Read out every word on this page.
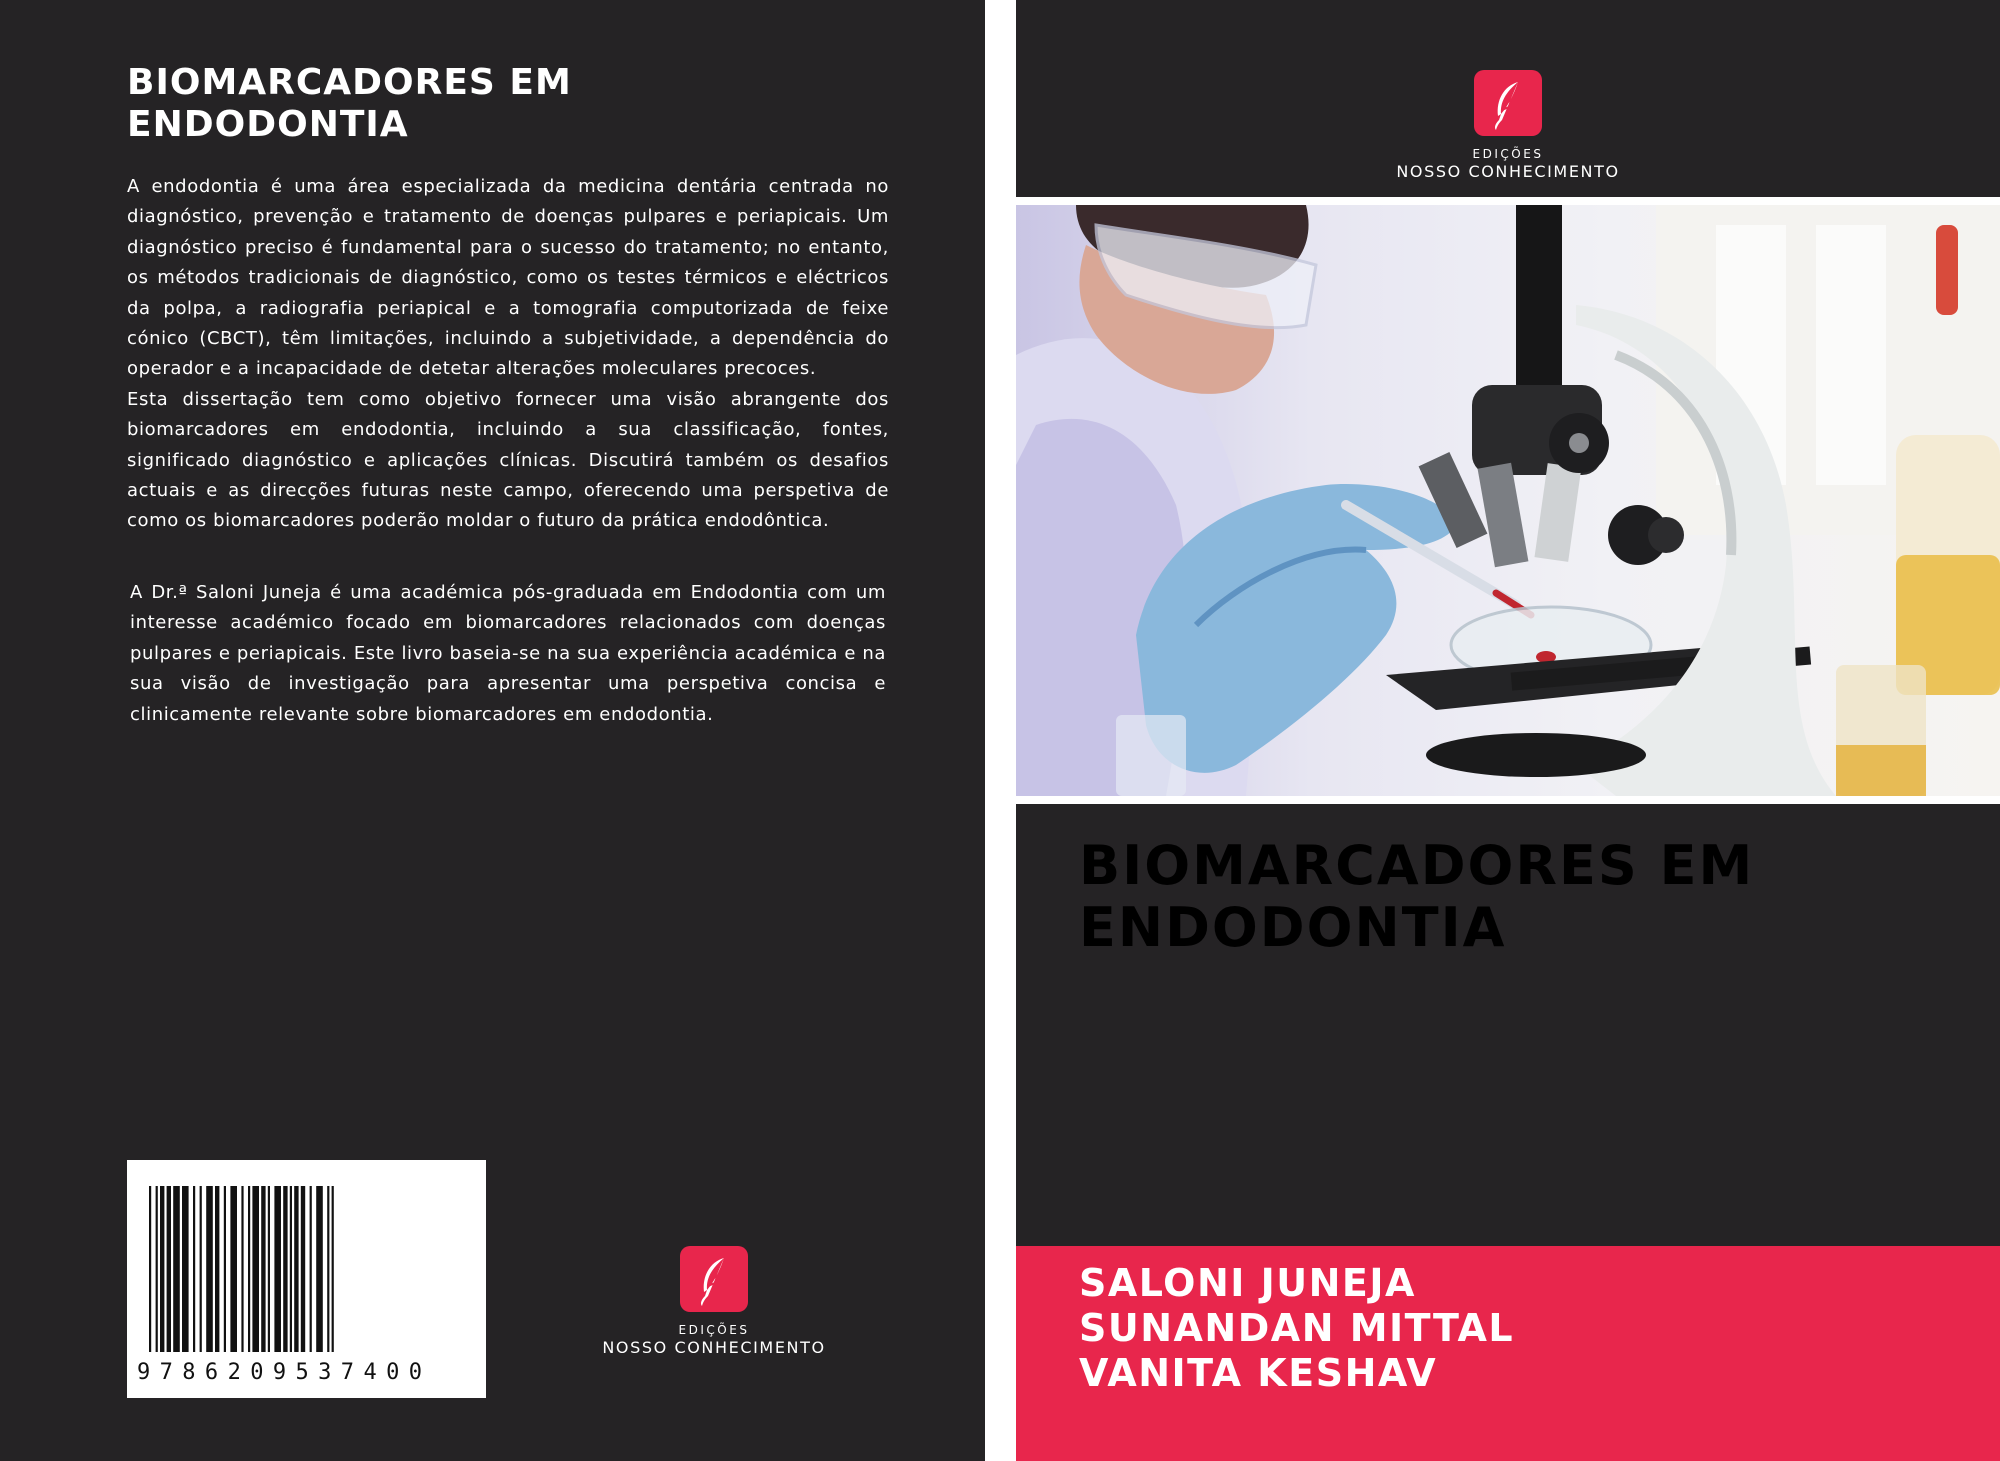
BIOMARCADORES EM ENDODONTIA

A endodontia é uma área especializada da medicina dentária centrada no diagnóstico, prevenção e tratamento de doenças pulpares e periapicais. Um diagnóstico preciso é fundamental para o sucesso do tratamento; no entanto, os métodos tradicionais de diagnóstico, como os testes térmicos e eléctricos da polpa, a radiografia periapical e a tomografia computorizada de feixe cónico (CBCT), têm limitações, incluindo a subjetividade, a dependência do operador e a incapacidade de detetar alterações moleculares precoces.
Esta dissertação tem como objetivo fornecer uma visão abrangente dos biomarcadores em endodontia, incluindo a sua classificação, fontes, significado diagnóstico e aplicações clínicas. Discutirá também os desafios actuais e as direcções futuras neste campo, oferecendo uma perspetiva de como os biomarcadores poderão moldar o futuro da prática endodôntica.

A Dr.ª Saloni Juneja é uma académica pós-graduada em Endodontia com um interesse académico focado em biomarcadores relacionados com doenças pulpares e periapicais. Este livro baseia-se na sua experiência académica e na sua visão de investigação para apresentar uma perspetiva concisa e clinicamente relevante sobre biomarcadores em endodontia.

9786209537400
EDIÇÕES
NOSSO CONHECIMENTO
EDIÇÕES
NOSSO CONHECIMENTO
BIOMARCADORES EM ENDODONTIA
SALONI JUNEJA
SUNANDAN MITTAL
VANITA KESHAV
